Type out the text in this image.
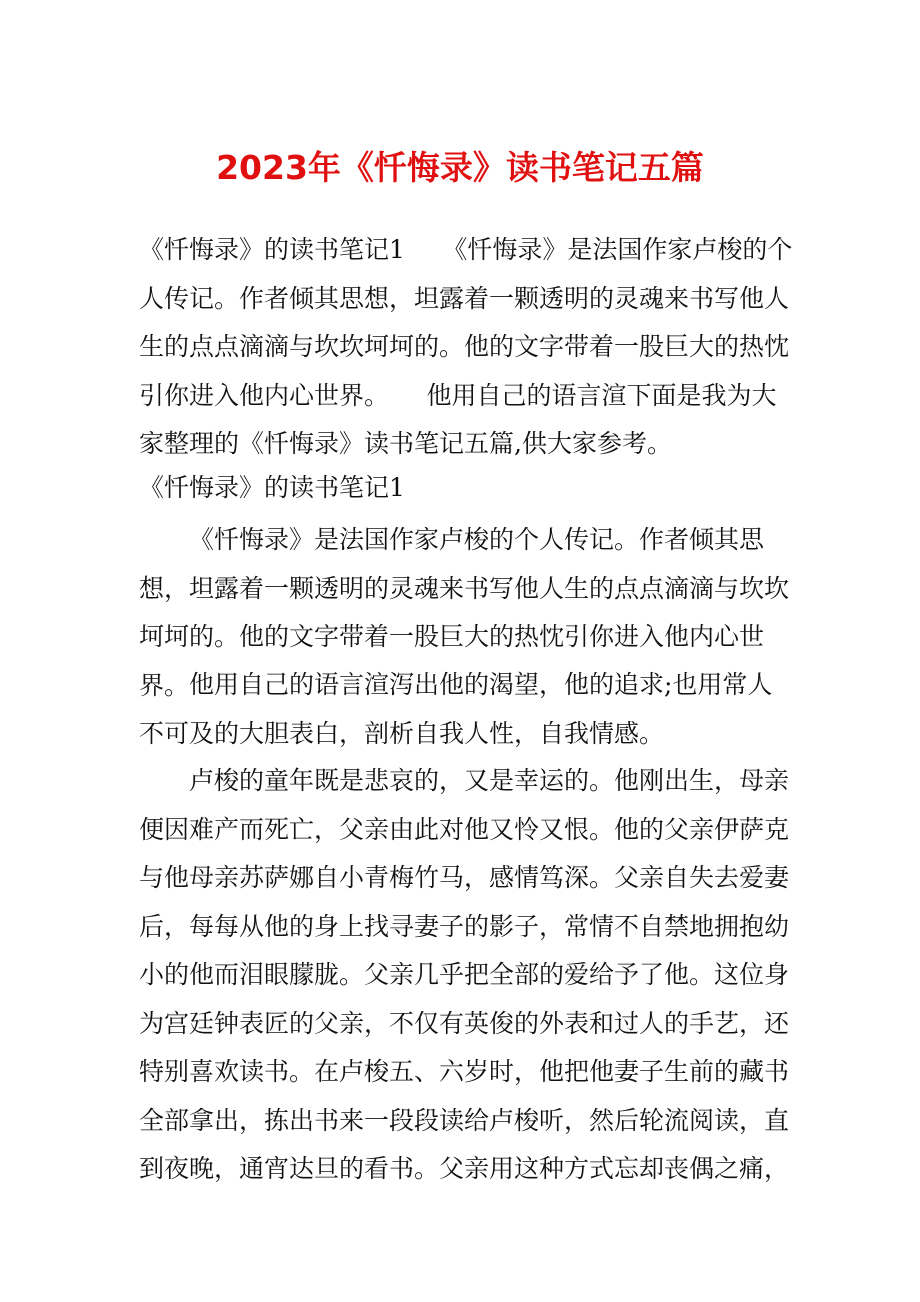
2023年《忏悔录》读书笔记五篇

《忏悔录》的读书笔记1　　《忏悔录》是法国作家卢梭的个人传记。作者倾其思想，坦露着一颗透明的灵魂来书写他人生的点点滴滴与坎坎坷坷的。他的文字带着一股巨大的热忱引你进入他内心世界。　　他用自己的语言渲下面是我为大家整理的《忏悔录》读书笔记五篇,供大家参考。

《忏悔录》的读书笔记1

《忏悔录》是法国作家卢梭的个人传记。作者倾其思想，坦露着一颗透明的灵魂来书写他人生的点点滴滴与坎坎坷坷的。他的文字带着一股巨大的热忱引你进入他内心世界。 他用自己的语言渲泻出他的渴望，他的追求;也用常人不可及的大胆表白，剖析自我人性，自我情感。

卢梭的童年既是悲哀的，又是幸运的。他刚出生，母亲便因难产而死亡，父亲由此对他又怜又恨。他的父亲伊萨克与他母亲苏萨娜自小青梅竹马，感情笃深。父亲自失去爱妻后，每每从他的身上找寻妻子的影子，常情不自禁地拥抱幼小的他而泪眼朦胧。父亲几乎把全部的爱给予了他。这位身为宫廷钟表匠的父亲，不仅有英俊的外表和过人的手艺，还特别喜欢读书。在卢梭五、六岁时，他把他妻子生前的藏书全部拿出，拣出书来一段段读给卢梭听，然后轮流阅读，直到夜晚，通宵达旦的看书。父亲用这种方式忘却丧偶之痛，
